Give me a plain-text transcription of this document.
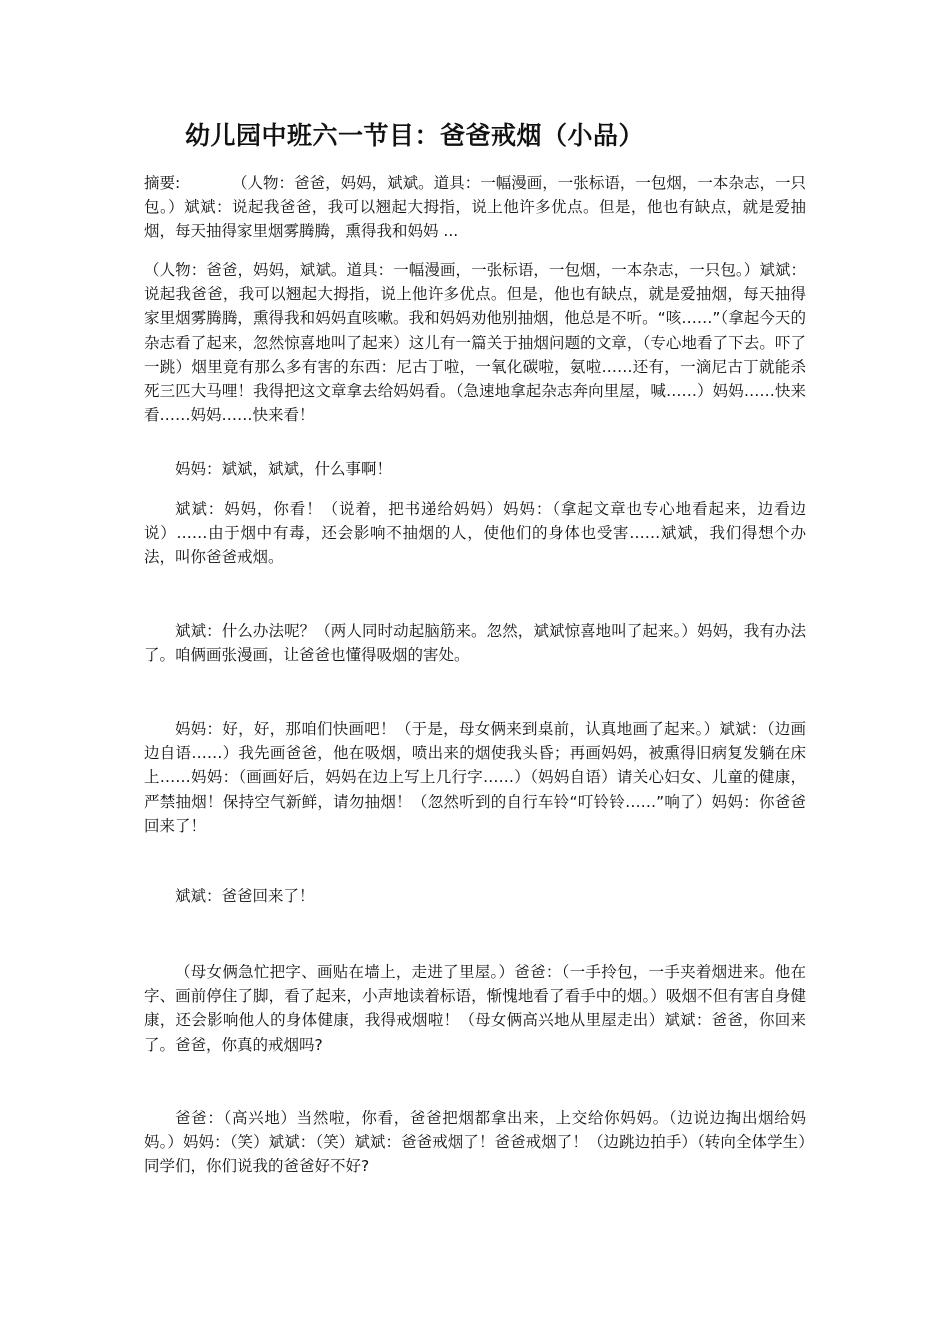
幼儿园中班六一节目：爸爸戒烟（小品）
摘要:	（人物：爸爸，妈妈，斌斌。道具：一幅漫画，一张标语，一包烟，一本杂志，一只包。）斌斌：说起我爸爸，我可以翘起大拇指，说上他许多优点。但是，他也有缺点，就是爱抽烟，每天抽得家里烟雾腾腾，熏得我和妈妈 ...
（人物：爸爸，妈妈，斌斌。道具：一幅漫画，一张标语，一包烟，一本杂志，一只包。）斌斌：说起我爸爸，我可以翘起大拇指，说上他许多优点。但是，他也有缺点，就是爱抽烟，每天抽得家里烟雾腾腾，熏得我和妈妈直咳嗽。我和妈妈劝他别抽烟，他总是不听。“咳……”（拿起今天的杂志看了起来，忽然惊喜地叫了起来）这儿有一篇关于抽烟问题的文章，（专心地看了下去。吓了一跳）烟里竟有那么多有害的东西：尼古丁啦，一氧化碳啦，氨啦……还有，一滴尼古丁就能杀死三匹大马哩！我得把这文章拿去给妈妈看。（急速地拿起杂志奔向里屋，喊……）妈妈……快来看……妈妈……快来看！
妈妈：斌斌，斌斌，什么事啊！
斌斌：妈妈，你看！（说着，把书递给妈妈）妈妈：（拿起文章也专心地看起来，边看边说）……由于烟中有毒，还会影响不抽烟的人，使他们的身体也受害……斌斌，我们得想个办法，叫你爸爸戒烟。
斌斌：什么办法呢？（两人同时动起脑筋来。忽然，斌斌惊喜地叫了起来。）妈妈，我有办法了。咱俩画张漫画，让爸爸也懂得吸烟的害处。
妈妈：好，好，那咱们快画吧！（于是，母女俩来到桌前，认真地画了起来。）斌斌：（边画边自语……）我先画爸爸，他在吸烟，喷出来的烟使我头昏；再画妈妈，被熏得旧病复发躺在床上……妈妈：（画画好后，妈妈在边上写上几行字……）（妈妈自语）请关心妇女、儿童的健康，严禁抽烟！保持空气新鲜，请勿抽烟！（忽然听到的自行车铃“叮铃铃……”响了）妈妈：你爸爸回来了！
斌斌：爸爸回来了！
（母女俩急忙把字、画贴在墙上，走进了里屋。）爸爸：（一手拎包，一手夹着烟进来。他在字、画前停住了脚，看了起来，小声地读着标语，惭愧地看了看手中的烟。）吸烟不但有害自身健康，还会影响他人的身体健康，我得戒烟啦！（母女俩高兴地从里屋走出）斌斌：爸爸，你回来了。爸爸，你真的戒烟吗?
爸爸：（高兴地）当然啦，你看，爸爸把烟都拿出来，上交给你妈妈。（边说边掏出烟给妈妈。）妈妈：（笑）斌斌：（笑）斌斌：爸爸戒烟了！爸爸戒烟了！（边跳边拍手）（转向全体学生）同学们，你们说我的爸爸好不好?
